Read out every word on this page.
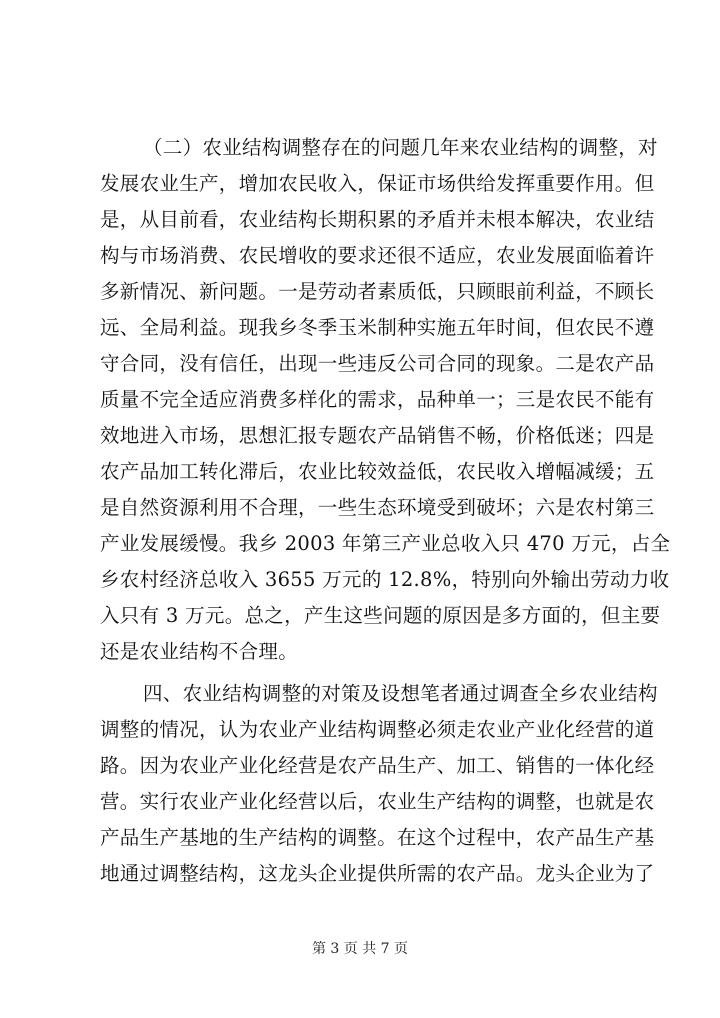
（二）农业结构调整存在的问题几年来农业结构的调整，对
发展农业生产，增加农民收入，保证市场供给发挥重要作用。但
是，从目前看，农业结构长期积累的矛盾并未根本解决，农业结
构与市场消费、农民增收的要求还很不适应，农业发展面临着许
多新情况、新问题。一是劳动者素质低，只顾眼前利益，不顾长
远、全局利益。现我乡冬季玉米制种实施五年时间，但农民不遵
守合同，没有信任，出现一些违反公司合同的现象。二是农产品
质量不完全适应消费多样化的需求，品种单一；三是农民不能有
效地进入市场，思想汇报专题农产品销售不畅，价格低迷；四是
农产品加工转化滞后，农业比较效益低，农民收入增幅减缓；五
是自然资源利用不合理，一些生态环境受到破坏；六是农村第三
产业发展缓慢。我乡 2003 年第三产业总收入只 470 万元，占全
乡农村经济总收入 3655 万元的 12.8%，特别向外输出劳动力收
入只有 3 万元。总之，产生这些问题的原因是多方面的，但主要
还是农业结构不合理。
四、农业结构调整的对策及设想笔者通过调查全乡农业结构
调整的情况，认为农业产业结构调整必须走农业产业化经营的道
路。因为农业产业化经营是农产品生产、加工、销售的一体化经
营。实行农业产业化经营以后，农业生产结构的调整，也就是农
产品生产基地的生产结构的调整。在这个过程中，农产品生产基
地通过调整结构，这龙头企业提供所需的农产品。龙头企业为了
第 3 页 共 7 页
